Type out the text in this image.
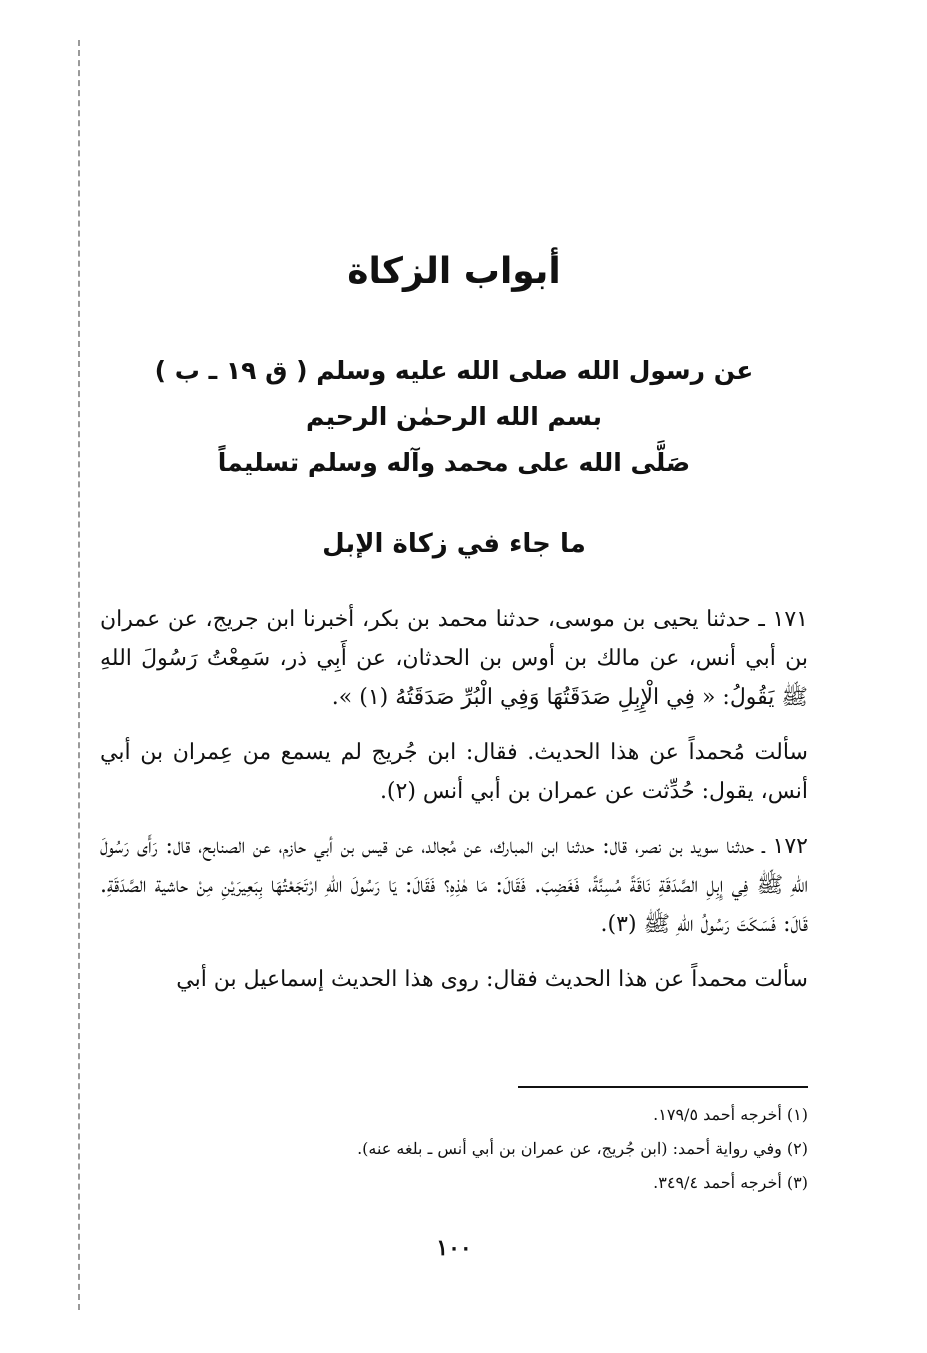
أبواب الزكاة
عن رسول الله صلى الله عليه وسلم ( ق ١٩ ـ ب )
بسم الله الرحمٰن الرحيم
صَلَّى الله على محمد وآله وسلم تسليماً
ما جاء في زكاة الإبل

١٧١ ـ حدثنا يحيى بن موسى، حدثنا محمد بن بكر، أخبرنا ابن جريج، عن عمران بن أبي أنس، عن مالك بن أوس بن الحدثان، عن أَبِي ذر، سَمِعْتُ رَسُولَ اللهِ ﷺ يَقُولُ: « فِي الْإِبِلِ صَدَقَتُهَا وَفِي الْبُرِّ صَدَقَتُهُ (١) ».

سألت مُحمداً عن هذا الحديث. فقال: ابن جُريج لم يسمع من عِمران بن أبي أنس، يقول: حُدِّثت عن عمران بن أبي أنس (٢).

١٧٢ ـ حدثنا سويد بن نصر، قال: حدثنا ابن المبارك، عن مُجالد، عن قيس بن أبي حازم، عن الصنابح، قال: رَأَى رَسُولَ اللهِ ﷺ فِي إِبِلِ الصَّدَقَةِ نَاقَةً مُسِنَّةً، فَغَضِبَ. فَقَالَ: مَا هٰذِهِ؟ فَقَالَ: يَا رَسُولَ اللهِ ارْتَجَعْتُهَا بِبَعِيرَيْنِ مِنْ حاشية الصَّدَقَةِ. قَالَ: فَسَكَتَ رَسُولُ اللهِ ﷺ (٣).

سألت محمداً عن هذا الحديث فقال: روى هذا الحديث إسماعيل بن أبي

(١) أخرجه أحمد ١٧٩/٥.
(٢) وفي رواية أحمد: (ابن جُريج، عن عمران بن أبي أنس ـ بلغه عنه).
(٣) أخرجه أحمد ٣٤٩/٤.
١٠٠
